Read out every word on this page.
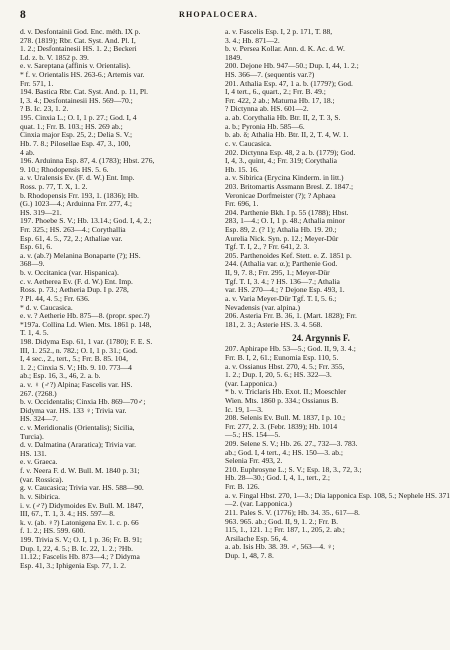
8	RHOPALOCERA.
d. v. Desfontainii God. Enc. méth. IX p.
278. (1819); Rbr. Cat. Syst. And. Pl. I,
1. 2.; Desfontainesii HS. 1. 2.; Beckeri
Ld. z. b. V. 1852 p. 39.
e. v. Sareptana (affinis v. Orientalis).
* f. v. Orientalis HS. 263-6.; Artemis var.
Frr. 571, 1.
194. Bastica Rbr. Cat. Syst. And. p. 11, Pl.
I, 3. 4.; Desfontainesii HS. 569—70.;
? B. Ic. 23, 1. 2.
195. Cinxia L.; O. I, 1 p. 27.; God. I, 4
quat. 1.; Frr. B. 103.; HS. 269 ab.;
Cinxia major Esp. 25, 2.; Delia S. V.;
Hb. 7. 8.; Pilosellae Esp. 47, 3., 100,
4 ab.
196. Arduinna Esp. 87, 4. (1783); Hbst. 276,
9. 10.; Rhodopensis HS. 5. 6.
a. v. Uralensis Ev. (F. d. W.) Ent. Imp.
Ross. p. 77, T. X, 1. 2.
b. Rhodopensis Frr. 193, 1. (1836); Hb.
(G.) 1023—4.; Arduinna Frr. 277, 4.;
HS. 319—21.
197. Phoebe S. V.; Hb. 13.14.; God. I, 4, 2.;
Frr. 325.; HS. 263—4.; Corythallia
Esp. 61, 4. 5., 72, 2.; Athaliae var.
Esp. 61, 6.
a. v. (ab.?) Melanina Bonaparte (?); HS.
368—9.
b. v. Occitanica (var. Hispanica).
c. v. Aetherea Ev. (F. d. W.) Ent. Imp.
Ross. p. 73.; Aetheria Dup. I p. 278,
? Pl. 44, 4. 5.; Frr. 636.
* d. v. Caucasica.
e. v. ? Aetherie Hb. 875—8. (propr. spec.?)
*197a. Collina Ld. Wien. Mts. 1861 p. 148,
T. 1, 4. 5.
198. Didyma Esp. 61, 1 var. (1780); F. E. S.
III, 1. 252., n. 782.; O. I, 1 p. 31.; God.
I, 4 sec., 2., tert., 5.; Frr. B. 85. 104,
1. 2.; Cinxia S. V.; Hb. 9. 10. 773—4
ab.; Esp. 16, 3., 46, 2. a. b.
a. v. ♀ (♂?) Alpina; Fascelis var. HS.
267. (?268.)
b. v. Occidentalis; Cinxia Hb. 869—70♂;
Didyma var. HS. 133 ♀; Trivia var.
HS. 324—7.
c. v. Meridionalis (Orientalis); Sicilia,
Turcia).
d. v. Dalmatina (Araratica); Trivia var.
HS. 131.
e. v. Graeca.
f. v. Neera F. d. W. Bull. M. 1840 p. 31;
(var. Rossica).
g. v. Caucasica; Trivia var. HS. 588—90.
h. v. Sibirica.
i. v. (♂?) Didymoides Ev. Bull. M. 1847,
III, 67., T. 1, 3. 4.; HS. 597—8.
k. v. (ab. ♀?) Latonigena Ev. 1. c. p. 66
f. 1. 2.; HS. 599. 600.
199. Trivia S. V.; O. I, 1 p. 36; Fr. B. 91;
Dup. I, 22, 4. 5.; B. Ic. 22, 1. 2.; ?Hb.
11.12.; Fascelis Hb. 873—4.; ? Didyma
Esp. 41, 3.; Iphigenia Esp. 77, 1. 2.
a. v. Fascelis Esp. I, 2 p. 171, T. 88,
3. 4.; Hb. 871—2.
b. v. Persea Kollar. Ann. d. K. Ac. d. W.
1849.
200. Dejone Hb. 947—50.; Dup. I, 44, 1. 2.;
HS. 366—7. (sequentis var.?)
201. Athalia Esp. 47, 1 a. b. (1779?); God.
I, 4 tert., 6., quart., 2.; Frr. B. 49.;
Frr. 422, 2 ab.; Maturna Hb. 17, 18.;
? Dictynna ab. HS. 601—2.
a. ab. Corythalia Hb. Btr. II, 2, T. 3, S.
a. b.; Pyronia Hb. 585—6.
b. ab. δ; Athalia Hb. Btr. II, 2, T. 4, W. 1.
c. v. Caucasica.
202. Dictynna Esp. 48, 2 a. b. (1779); God.
I, 4, 3., quint, 4.; Frr. 319; Corythalia
Hb. 15. 16.
a. v. Sibirica (Erycina Kinderm. in litt.)
203. Britomartis Assmann Bresl. Z. 1847.;
Veronicae Dorfmeister (?); ? Aphaea
Frr. 696, 1.
204. Parthenie Bkh. I p. 55 (1788); Hbst.
283, 1—4.; O. I, 1 p. 48.; Athalia minor
Esp. 89, 2. (? 1); Athalia Hb. 19. 20.;
Aurelia Nick. Syn. p. 12.; Meyer-Dür
Tgf. T. I, 2., ? Frr. 641, 2. 3.
205. Parthenoides Kef. Stett. e. Z. 1851 p.
244. (Athalia var. α.); Parthenie God.
II, 9, 7. 8.; Frr. 295, 1.; Meyer-Dür
Tgf. T. I, 3. 4.; ? HS. 136—7.; Athalia
var. HS. 270—4.; ? Dejone Esp. 493, 1.
a. v. Varia Meyer-Dür Tgf. T. I, 5. 6.;
Nevadensis (var. alpina.)
206. Asteria Frr. B. 36, 1. (Mart. 1828); Frr.
181, 2. 3.; Asterie HS. 3. 4. 568.
24. Argynnis F.
207. Aphirape Hb. 53—5.; God. II, 9, 3. 4.;
Frr. B. I, 2, 61.; Eunomia Esp. 110, 5.
a. v. Ossianus Hbst. 270, 4. 5.; Frr. 355,
1. 2.; Dup. I, 20, 5. 6.; HS. 322—3.
(var. Lapponica.)
* b. v. Triclaris Hb. Exot. II.; Moeschler
Wien. Mts. 1860 p. 334.; Ossianus B.
Ic. 19, 1—3.
208. Selenis Ev. Bull. M. 1837, I p. 10.;
Frr. 277, 2. 3. (Febr. 1839); Hb. 1014
—5.; HS. 154—5.
209. Selene S. V.; Hb. 26. 27., 732—3. 783.
ab.; God. I, 4 tert., 4.; HS. 150—3. ab.;
Selenia Frr. 493, 2.
210. Euphrosyne L.; S. V.; Esp. 18, 3., 72, 3.;
Hb. 28—30.; God. I, 4, 1., tert., 2.;
Frr. B. 126.
a. v. Fingal Hbst. 270, 1—3.; Dia lapponica Esp. 108, 5.; Nephele HS. 371
—2. (var. Lapponica.)
211. Pales S. V. (1776); Hb. 34. 35., 617—8.
963. 965. ab.; God. II, 9, 1. 2.; Frr. B.
115, 1., 121. 1.; Frr. 187, 1., 205, 2. ab.;
Arsilache Esp. 56, 4.
a. ab. Isis Hb. 38. 39. ♂, 563—4. ♀;
Dup. 1, 48, 7. 8.
